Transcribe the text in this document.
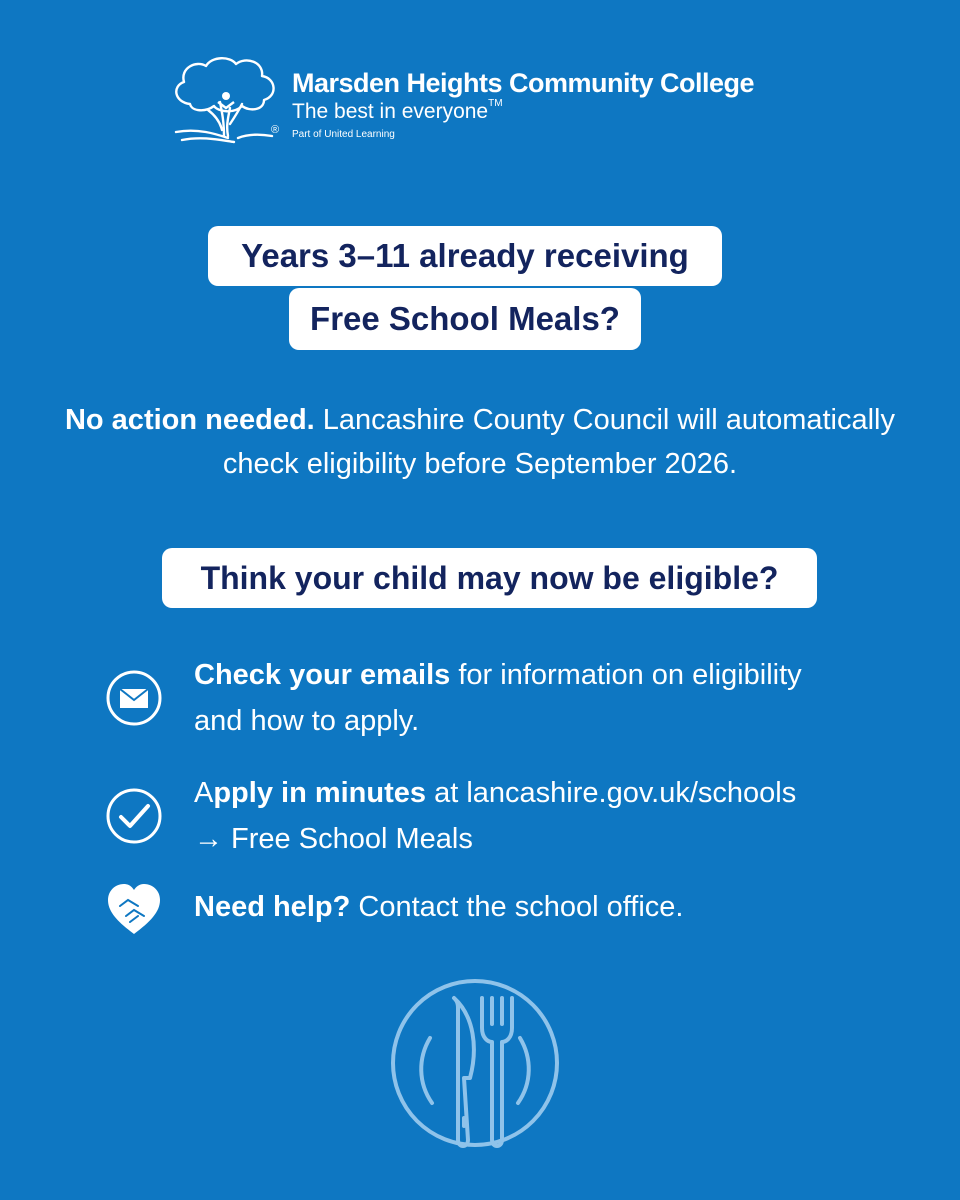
®
Marsden Heights Community College
The best in everyone™
Part of United Learning
Years 3–11 already receiving
Free School Meals?
No action needed. Lancashire County Council will automatically check eligibility before September 2026.
Think your child may now be eligible?
Check your emails for information on eligibility
and how to apply.
Apply in minutes at lancashire.gov.uk/schools
→ Free School Meals
Need help? Contact the school office.
